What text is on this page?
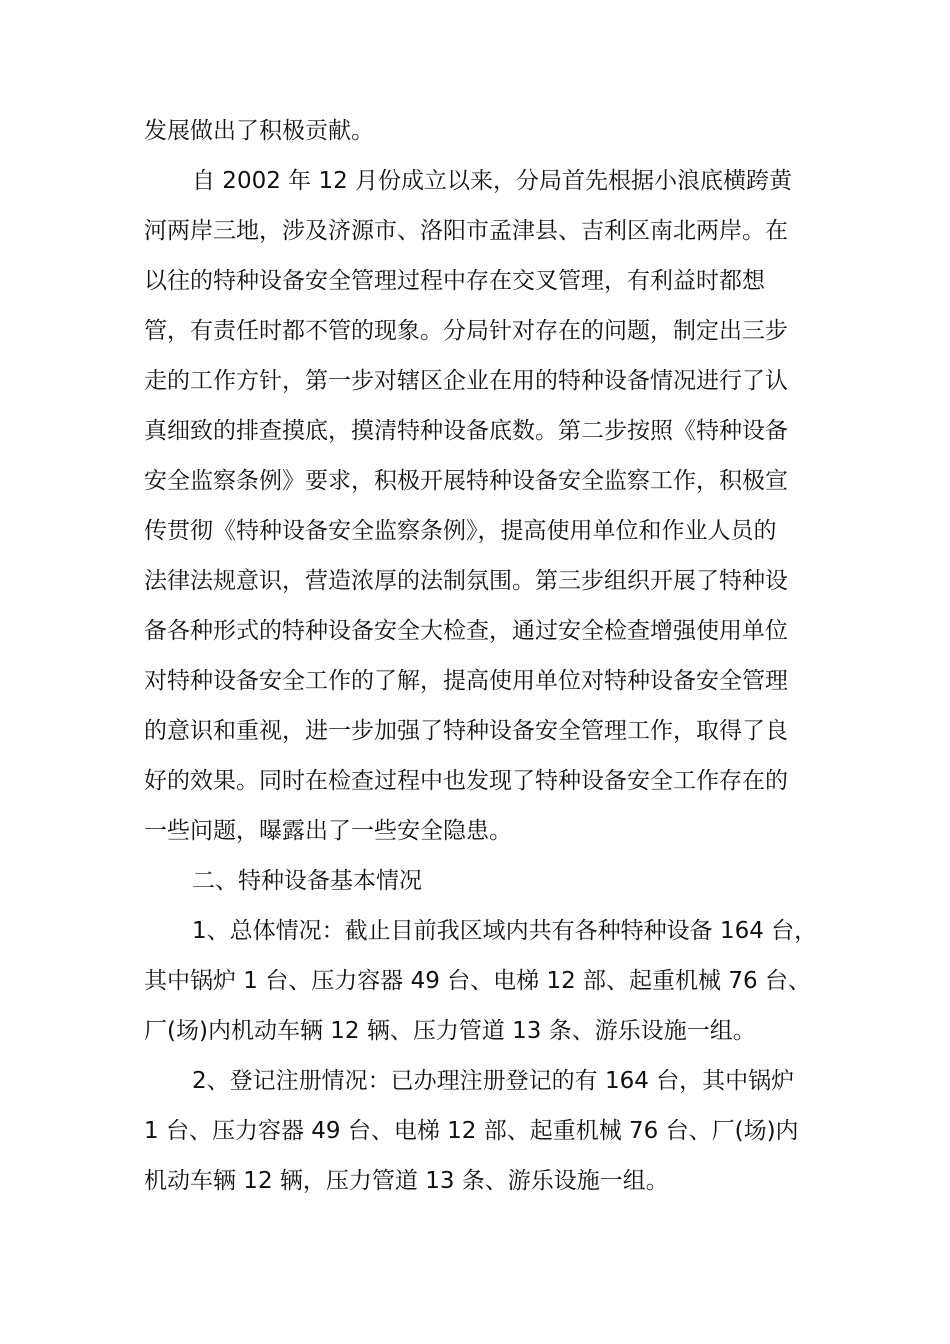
发展做出了积极贡献。
自 2002 年 12 月份成立以来，分局首先根据小浪底横跨黄
河两岸三地，涉及济源市、洛阳市孟津县、吉利区南北两岸。在
以往的特种设备安全管理过程中存在交叉管理，有利益时都想
管，有责任时都不管的现象。分局针对存在的问题，制定出三步
走的工作方针，第一步对辖区企业在用的特种设备情况进行了认
真细致的排查摸底，摸清特种设备底数。第二步按照《特种设备
安全监察条例》要求，积极开展特种设备安全监察工作，积极宣
传贯彻《特种设备安全监察条例》，提高使用单位和作业人员的
法律法规意识，营造浓厚的法制氛围。第三步组织开展了特种设
备各种形式的特种设备安全大检查，通过安全检查增强使用单位
对特种设备安全工作的了解，提高使用单位对特种设备安全管理
的意识和重视，进一步加强了特种设备安全管理工作，取得了良
好的效果。同时在检查过程中也发现了特种设备安全工作存在的
一些问题，曝露出了一些安全隐患。
二、特种设备基本情况
1、总体情况：截止目前我区域内共有各种特种设备 164 台，
其中锅炉 1 台、压力容器 49 台、电梯 12 部、起重机械 76 台、
厂(场)内机动车辆 12 辆、压力管道 13 条、游乐设施一组。
2、登记注册情况：已办理注册登记的有 164 台，其中锅炉
1 台、压力容器 49 台、电梯 12 部、起重机械 76 台、厂(场)内
机动车辆 12 辆，压力管道 13 条、游乐设施一组。
